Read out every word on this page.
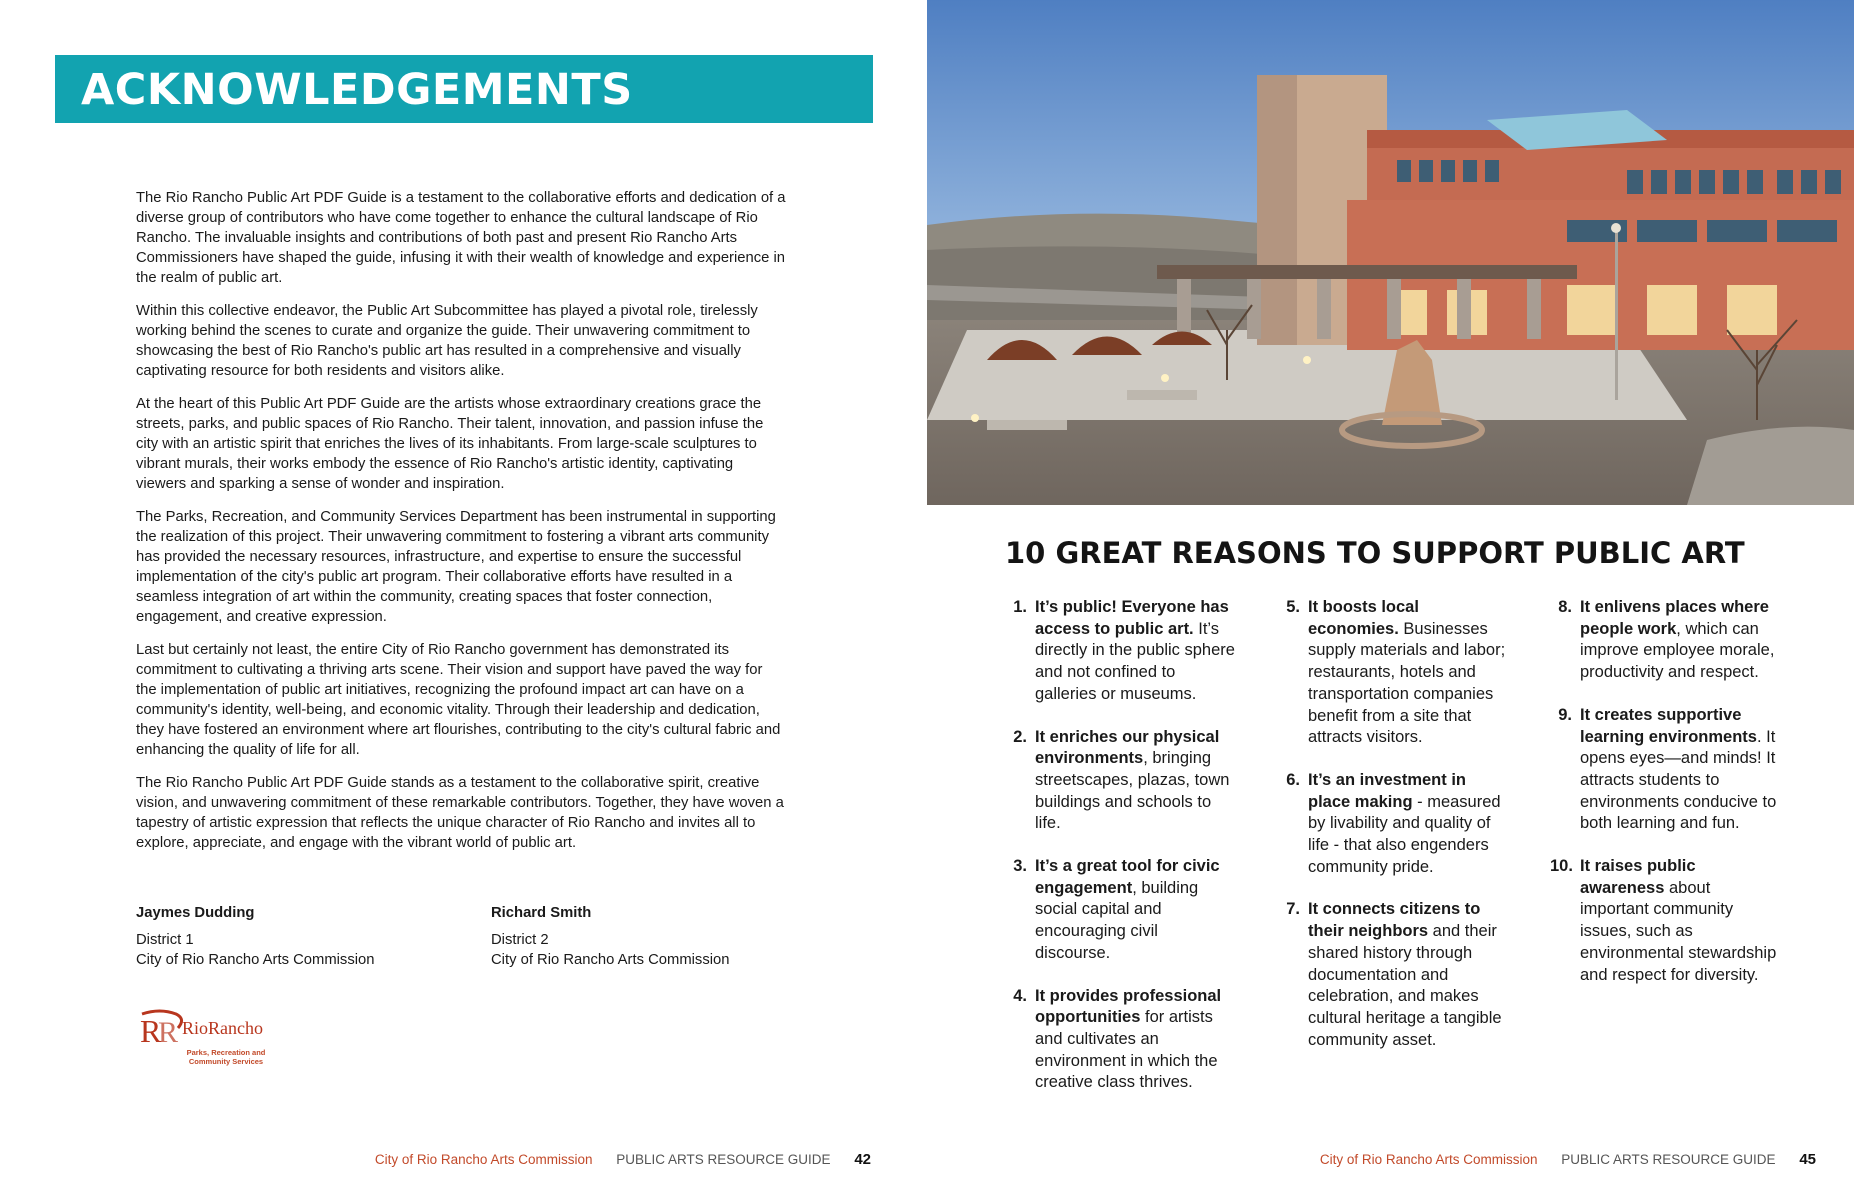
ACKNOWLEDGEMENTS

The Rio Rancho Public Art PDF Guide is a testament to the collaborative efforts and dedication of a diverse group of contributors who have come together to enhance the cultural landscape of Rio Rancho. The invaluable insights and contributions of both past and present Rio Rancho Arts Commissioners have shaped the guide, infusing it with their wealth of knowledge and experience in the realm of public art.

Within this collective endeavor, the Public Art Subcommittee has played a pivotal role, tirelessly working behind the scenes to curate and organize the guide. Their unwavering commitment to showcasing the best of Rio Rancho's public art has resulted in a comprehensive and visually captivating resource for both residents and visitors alike.

At the heart of this Public Art PDF Guide are the artists whose extraordinary creations grace the streets, parks, and public spaces of Rio Rancho. Their talent, innovation, and passion infuse the city with an artistic spirit that enriches the lives of its inhabitants. From large-scale sculptures to vibrant murals, their works embody the essence of Rio Rancho's artistic identity, captivating viewers and sparking a sense of wonder and inspiration.

The Parks, Recreation, and Community Services Department has been instrumental in supporting the realization of this project. Their unwavering commitment to fostering a vibrant arts community has provided the necessary resources, infrastructure, and expertise to ensure the successful implementation of the city's public art program. Their collaborative efforts have resulted in a seamless integration of art within the community, creating spaces that foster connection, engagement, and creative expression.

Last but certainly not least, the entire City of Rio Rancho government has demonstrated its commitment to cultivating a thriving arts scene. Their vision and support have paved the way for the implementation of public art initiatives, recognizing the profound impact art can have on a community's identity, well-being, and economic vitality. Through their leadership and dedication, they have fostered an environment where art flourishes, contributing to the city's cultural fabric and enhancing the quality of life for all.

The Rio Rancho Public Art PDF Guide stands as a testament to the collaborative spirit, creative vision, and unwavering commitment of these remarkable contributors. Together, they have woven a tapestry of artistic expression that reflects the unique character of Rio Rancho and invites all to explore, appreciate, and engage with the vibrant world of public art.

Jaymes Dudding
District 1
City of Rio Rancho Arts Commission
Richard Smith
District 2
City of Rio Rancho Arts Commission
R
R RioRancho
Parks, Recreation and
Community Services
City of Rio Rancho Arts Commission PUBLIC ARTS RESOURCE GUIDE 42
10 GREAT REASONS TO SUPPORT PUBLIC ART
1. It’s public! Everyone has access to public art. It’s directly in the public sphere and not confined to galleries or museums.
2. It enriches our physical environments, bringing streetscapes, plazas, town buildings and schools to life.
3. It’s a great tool for civic engagement, building social capital and encouraging civil discourse.
4. It provides professional opportunities for artists and cultivates an environment in which the creative class thrives.
5. It boosts local economies. Businesses supply materials and labor; restaurants, hotels and transportation companies benefit from a site that attracts visitors.
6. It’s an investment in place making - measured by livability and quality of life - that also engenders community pride.
7. It connects citizens to their neighbors and their shared history through documentation and celebration, and makes cultural heritage a tangible community asset.
8. It enlivens places where people work, which can improve employee morale, productivity and respect.
9. It creates supportive learning environments. It opens eyes—and minds! It attracts students to environments conducive to both learning and fun.
10. It raises public awareness about important community issues, such as environmental stewardship and respect for diversity.
City of Rio Rancho Arts Commission PUBLIC ARTS RESOURCE GUIDE 45
